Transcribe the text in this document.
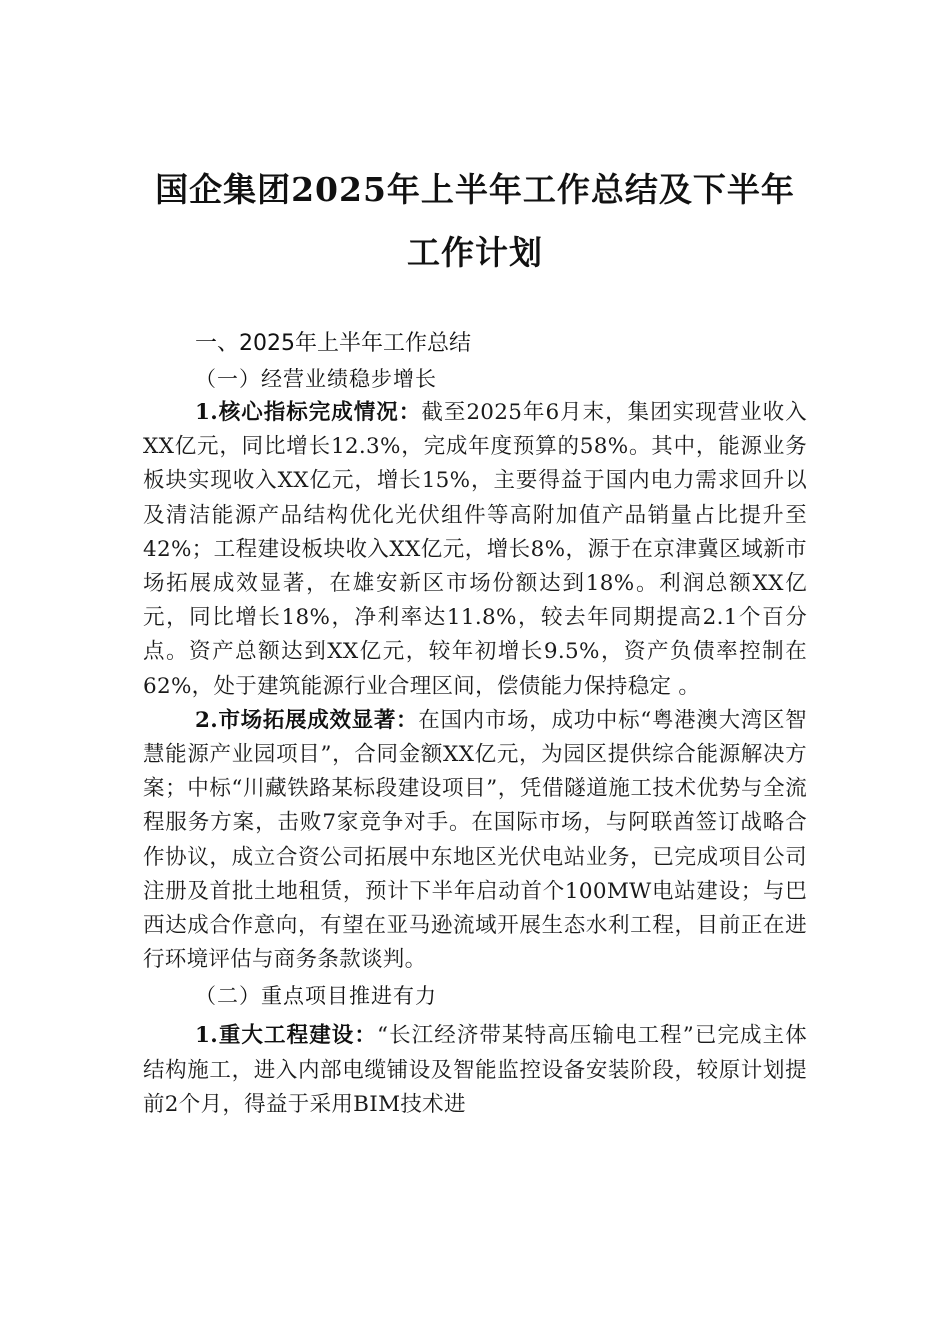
国企集团2025年上半年工作总结及下半年
工作计划

一、2025年上半年工作总结

（一）经营业绩稳步增长

1.核心指标完成情况：截至2025年6月末，集团实现营业收入XX亿元，同比增长12.3%，完成年度预算的58%。其中，能源业务板块实现收入XX亿元，增长15%，主要得益于国内电力需求回升以及清洁能源产品结构优化光伏组件等高附加值产品销量占比提升至42%；工程建设板块收入XX亿元，增长8%，源于在京津冀区域新市场拓展成效显著，在雄安新区市场份额达到18%。利润总额XX亿元，同比增长18%，净利率达11.8%，较去年同期提高2.1个百分点。资产总额达到XX亿元，较年初增长9.5%，资产负债率控制在62%，处于建筑能源行业合理区间，偿债能力保持稳定 。

2.市场拓展成效显著：在国内市场，成功中标“粤港澳大湾区智慧能源产业园项目”，合同金额XX亿元，为园区提供综合能源解决方案；中标“川藏铁路某标段建设项目”，凭借隧道施工技术优势与全流程服务方案，击败7家竞争对手。在国际市场，与阿联酋签订战略合作协议，成立合资公司拓展中东地区光伏电站业务，已完成项目公司注册及首批土地租赁，预计下半年启动首个100MW电站建设；与巴西达成合作意向，有望在亚马逊流域开展生态水利工程，目前正在进行环境评估与商务条款谈判。

（二）重点项目推进有力

1.重大工程建设：“长江经济带某特高压输电工程”已完成主体结构施工，进入内部电缆铺设及智能监控设备安装阶段，较原计划提前2个月，得益于采用BIM技术进
